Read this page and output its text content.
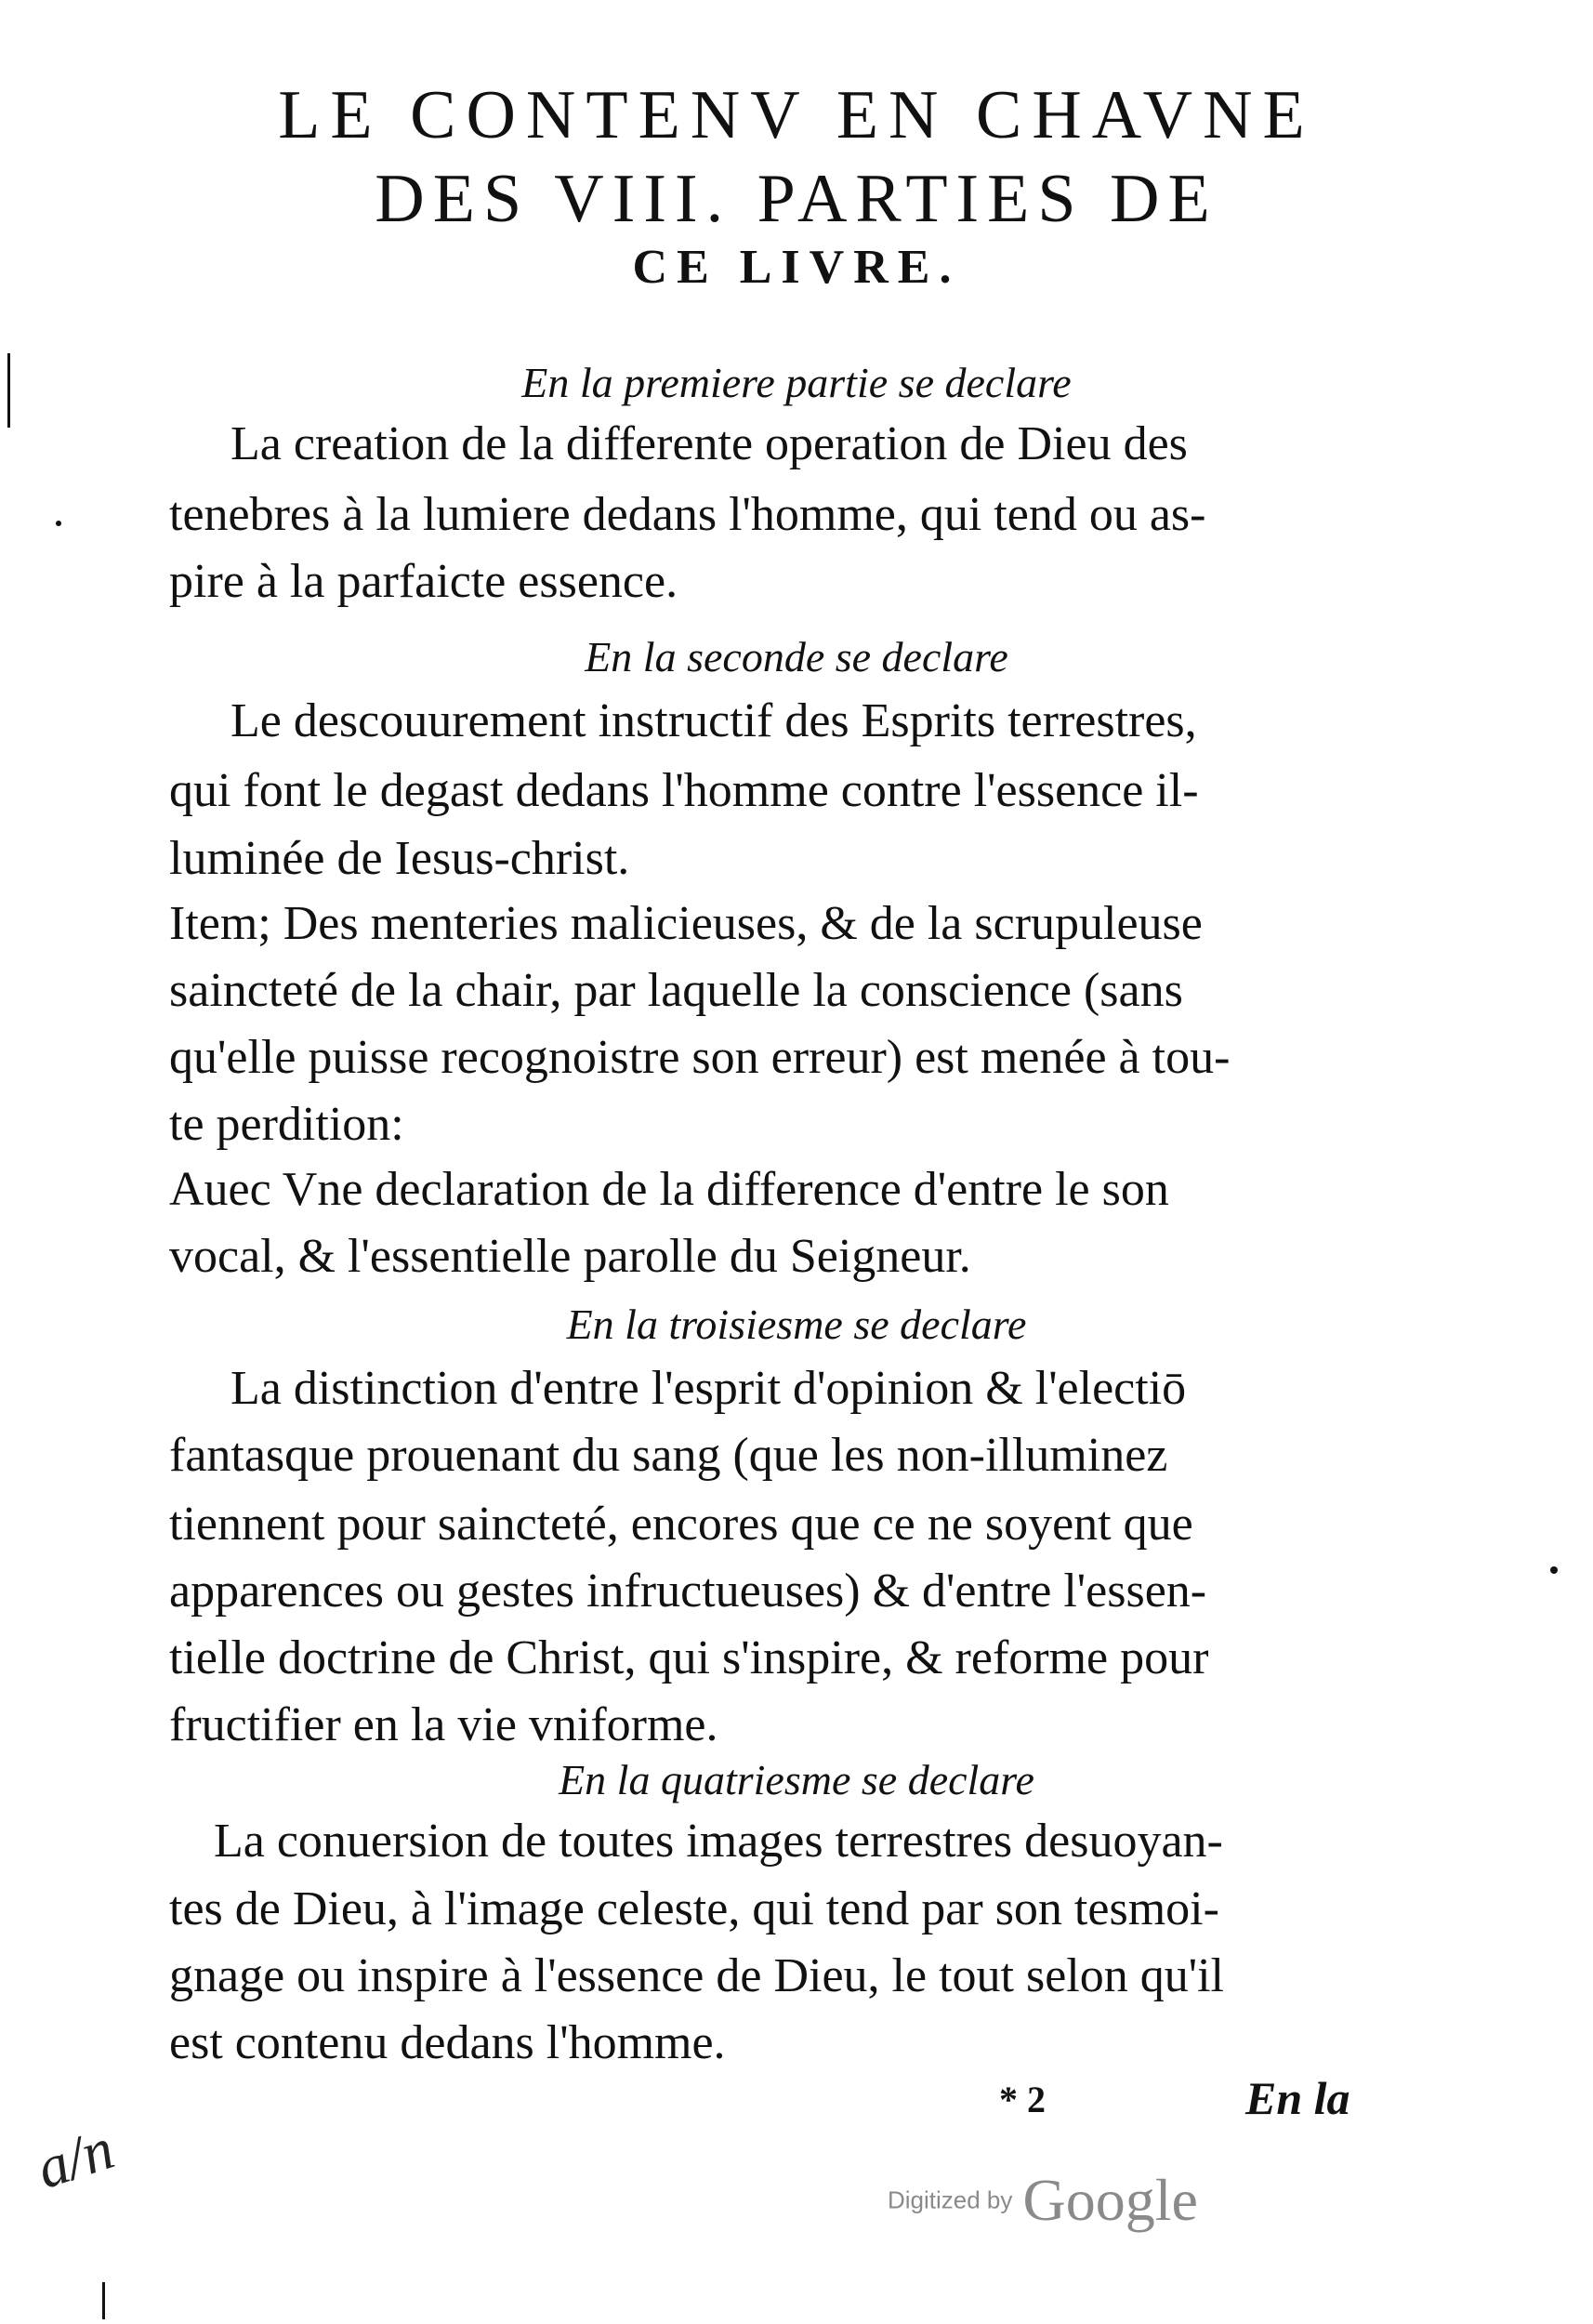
LE CONTENV EN CHAVNE
DES VIII. PARTIES DE
CE LIVRE.
En la premiere partie se declare
La creation de la differente operation de Dieu des
tenebres à la lumiere dedans l'homme, qui tend ou as-
pire à la parfaicte essence.
En la seconde se declare
Le descouurement instructif des Esprits terrestres,
qui font le degast dedans l'homme contre l'essence il-
luminée de Iesus-christ.
Item; Des menteries malicieuses, & de la scrupuleuse
saincteté de la chair, par laquelle la conscience (sans
qu'elle puisse recognoistre son erreur) est menée à tou-
te perdition:
Auec Vne declaration de la difference d'entre le son
vocal, & l'essentielle parolle du Seigneur.
En la troisiesme se declare
La distinction d'entre l'esprit d'opinion & l'electiō
fantasque prouenant du sang (que les non-illuminez
tiennent pour saincteté, encores que ce ne soyent que
apparences ou gestes infructueuses) & d'entre l'essen-
tielle doctrine de Christ, qui s'inspire, & reforme pour
fructifier en la vie vniforme.
En la quatriesme se declare
La conuersion de toutes images terrestres desuoyan-
tes de Dieu, à l'image celeste, qui tend par son tesmoi-
gnage ou inspire à l'essence de Dieu, le tout selon qu'il
est contenu dedans l'homme.
* 2	En la
a/n	Digitized by Google
